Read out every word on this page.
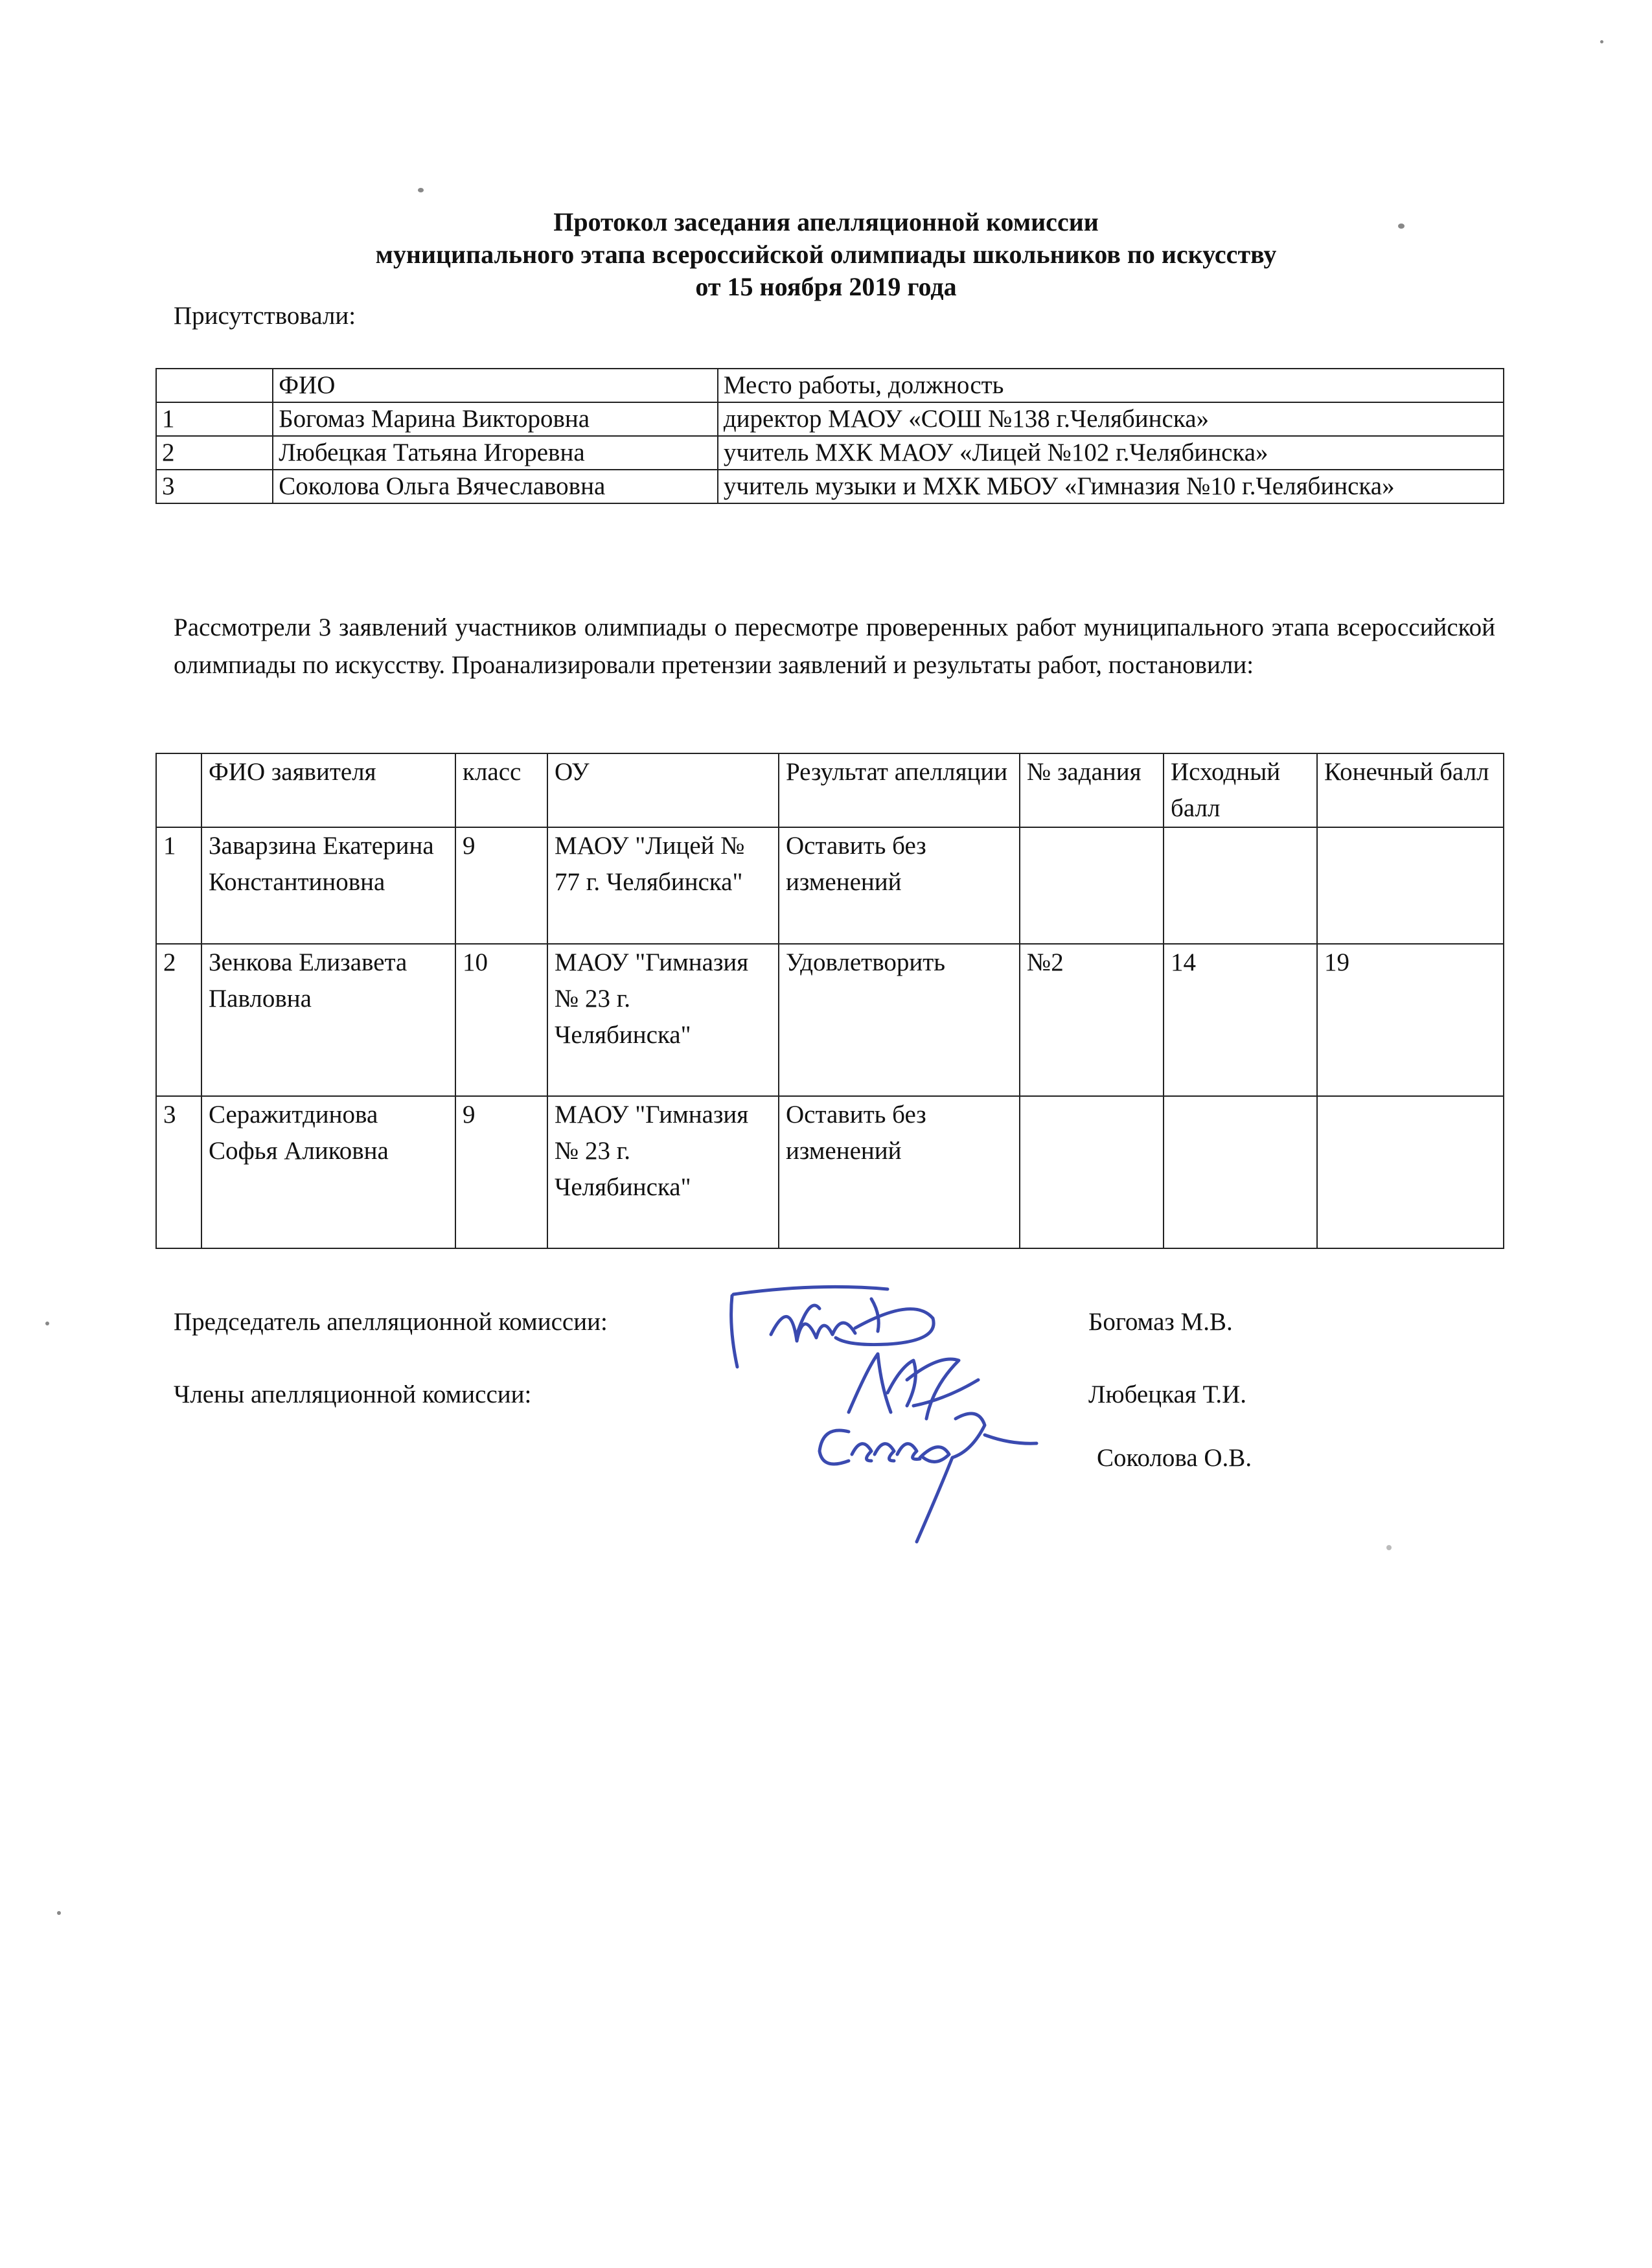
Протокол заседания апелляционной комиссии
муниципального этапа всероссийской олимпиады школьников по искусству
от 15 ноября 2019 года
Присутствовали:
	ФИО	Место работы, должность
1	Богомаз Марина Викторовна	директор МАОУ «СОШ №138 г.Челябинска»
2	Любецкая Татьяна Игоревна	учитель МХК МАОУ «Лицей №102 г.Челябинска»
3	Соколова Ольга Вячеславовна	учитель музыки и МХК МБОУ «Гимназия №10 г.Челябинска»
Рассмотрели 3 заявлений участников олимпиады о пересмотре проверенных работ муниципального этапа всероссийской олимпиады по искусству. Проанализировали претензии заявлений и результаты работ, постановили:
	ФИО заявителя	класс	ОУ	Результат апелляции	№ задания	Исходный балл	Конечный балл
1	Заварзина Екатерина Константиновна	9	МАОУ "Лицей № 77 г. Челябинска"	Оставить без изменений			
2	Зенкова Елизавета Павловна	10	МАОУ "Гимназия № 23 г. Челябинска"	Удовлетворить	№2	14	19
3	Серажитдинова Софья Аликовна	9	МАОУ "Гимназия № 23 г. Челябинска"	Оставить без изменений			
Председатель апелляционной комиссии:	Богомаз М.В.
Члены апелляционной комиссии:	Любецкая Т.И.
Соколова О.В.
